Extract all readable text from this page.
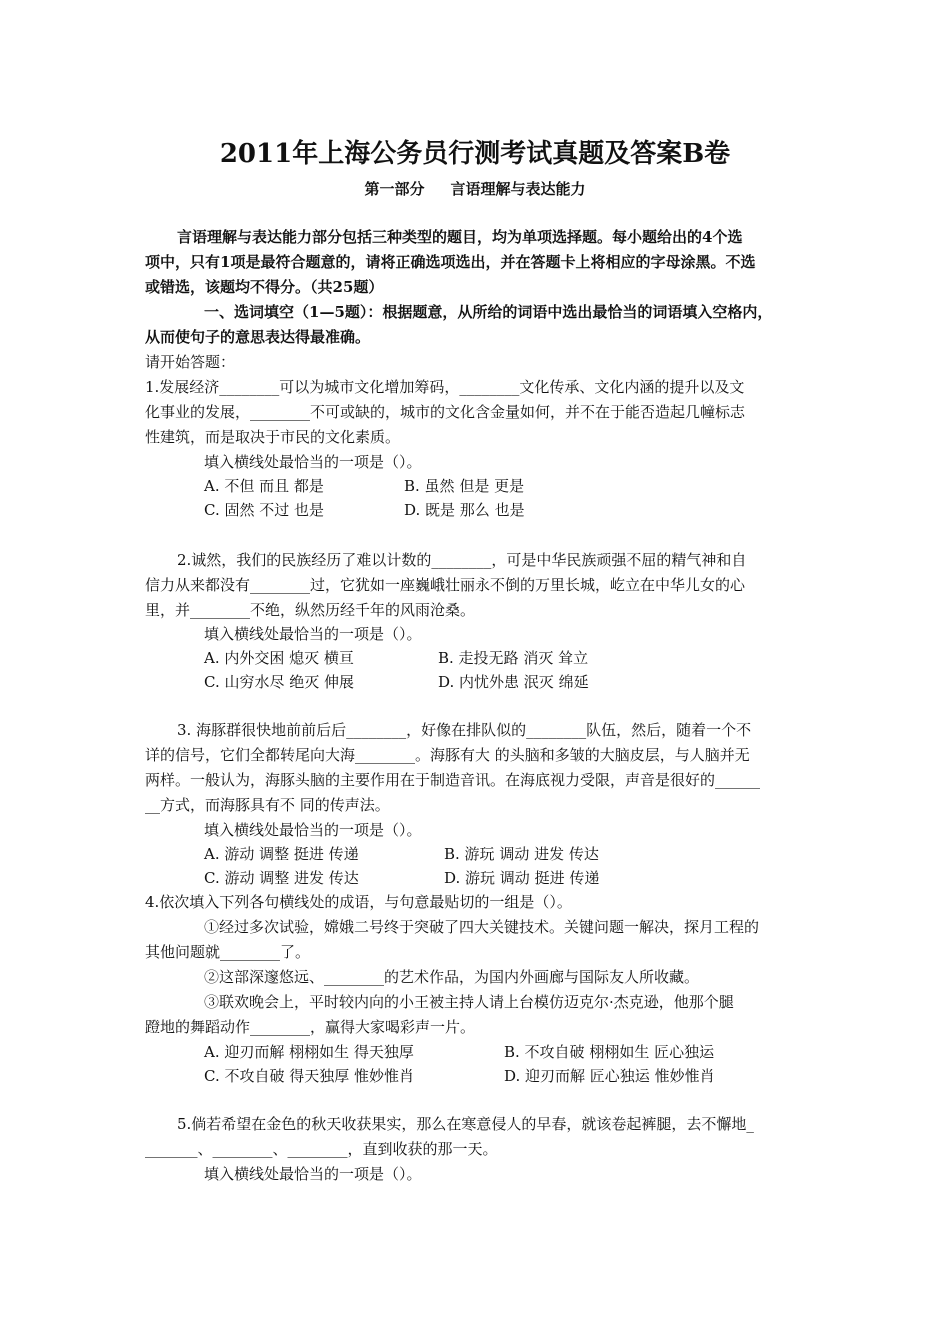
2011年上海公务员行测考试真题及答案B卷
第一部分 言语理解与表达能力
言语理解与表达能力部分包括三种类型的题目，均为单项选择题。每小题给出的4个选
项中，只有1项是最符合题意的，请将正确选项选出，并在答题卡上将相应的字母涂黑。不选
或错选，该题均不得分。（共25题）
一、选词填空（1—5题）：根据题意，从所给的词语中选出最恰当的词语填入空格内，
从而使句子的意思表达得最准确。
请开始答题：
1.发展经济________可以为城市文化增加筹码，________文化传承、文化内涵的提升以及文
化事业的发展，________不可或缺的，城市的文化含金量如何，并不在于能否造起几幢标志
性建筑，而是取决于市民的文化素质。
填入横线处最恰当的一项是（）。
A. 不但 而且 都是	B. 虽然 但是 更是
C. 固然 不过 也是	D. 既是 那么 也是
2.诚然，我们的民族经历了难以计数的________，可是中华民族顽强不屈的精气神和自
信力从来都没有________过，它犹如一座巍峨壮丽永不倒的万里长城，屹立在中华儿女的心
里，并________不绝，纵然历经千年的风雨沧桑。
填入横线处最恰当的一项是（）。
A. 内外交困 熄灭 横亘	B. 走投无路 消灭 耸立
C. 山穷水尽 绝灭 伸展	D. 内忧外患 泯灭 绵延
3. 海豚群很快地前前后后________，好像在排队似的________队伍，然后，随着一个不
详的信号，它们全都转尾向大海________。海豚有大 的头脑和多皱的大脑皮层，与人脑并无
两样。一般认为，海豚头脑的主要作用在于制造音讯。在海底视力受限，声音是很好的______
__方式，而海豚具有不 同的传声法。
填入横线处最恰当的一项是（）。
A. 游动 调整 挺进 传递	B. 游玩 调动 进发 传达
C. 游动 调整 进发 传达	D. 游玩 调动 挺进 传递
4.依次填入下列各句横线处的成语，与句意最贴切的一组是（）。
①经过多次试验，嫦娥二号终于突破了四大关键技术。关键问题一解决，探月工程的
其他问题就________了。
②这部深邃悠远、________的艺术作品，为国内外画廊与国际友人所收藏。
③联欢晚会上，平时较内向的小王被主持人请上台模仿迈克尔·杰克逊，他那个腿
蹬地的舞蹈动作________，赢得大家喝彩声一片。
A. 迎刃而解 栩栩如生 得天独厚	B. 不攻自破 栩栩如生 匠心独运
C. 不攻自破 得天独厚 惟妙惟肖	D. 迎刃而解 匠心独运 惟妙惟肖
5.倘若希望在金色的秋天收获果实，那么在寒意侵人的早春，就该卷起裤腿，去不懈地_
_______、________、________，直到收获的那一天。
填入横线处最恰当的一项是（）。
